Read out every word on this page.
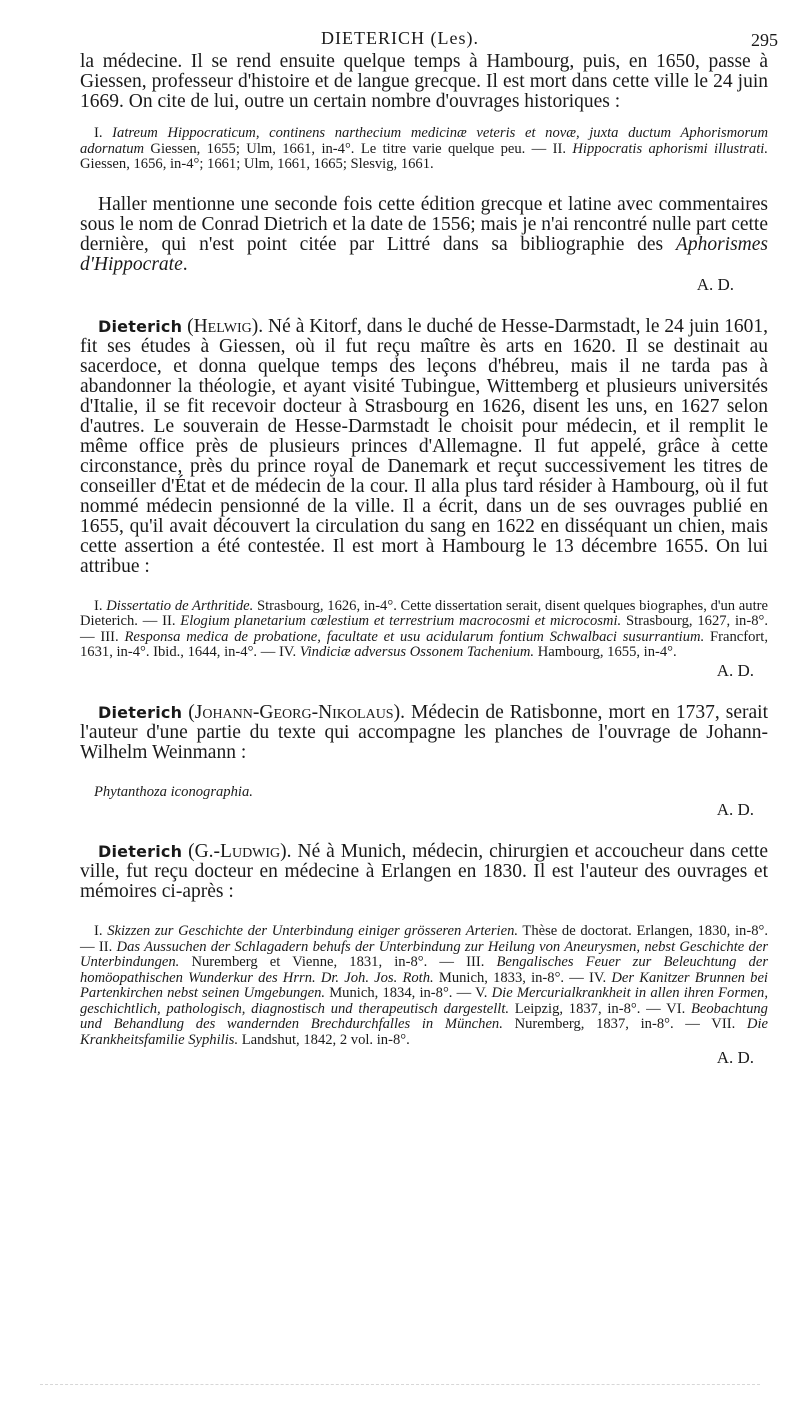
DIETERICH (Les).	295

la médecine. Il se rend ensuite quelque temps à Hambourg, puis, en 1650, passe à Giessen, professeur d'histoire et de langue grecque. Il est mort dans cette ville le 24 juin 1669. On cite de lui, outre un certain nombre d'ouvrages historiques :

I. Iatreum Hippocraticum, continens narthecium medicinæ veteris et novæ, juxta ductum Aphorismorum adornatum Giessen, 1655; Ulm, 1661, in-4°. Le titre varie quelque peu. — II. Hippocratis aphorismi illustrati. Giessen, 1656, in-4°; 1661; Ulm, 1661, 1665; Slesvig, 1661.

Haller mentionne une seconde fois cette édition grecque et latine avec commentaires sous le nom de Conrad Dietrich et la date de 1556; mais je n'ai rencontré nulle part cette dernière, qui n'est point citée par Littré dans sa bibliographie des Aphorismes d'Hippocrate.

A. D.

Dieterich (Helwig). Né à Kitorf, dans le duché de Hesse-Darmstadt, le 24 juin 1601, fit ses études à Giessen, où il fut reçu maître ès arts en 1620. Il se destinait au sacerdoce, et donna quelque temps des leçons d'hébreu, mais il ne tarda pas à abandonner la théologie, et ayant visité Tubingue, Wittemberg et plusieurs universités d'Italie, il se fit recevoir docteur à Strasbourg en 1626, disent les uns, en 1627 selon d'autres. Le souverain de Hesse-Darmstadt le choisit pour médecin, et il remplit le même office près de plusieurs princes d'Allemagne. Il fut appelé, grâce à cette circonstance, près du prince royal de Danemark et reçut successivement les titres de conseiller d'État et de médecin de la cour. Il alla plus tard résider à Hambourg, où il fut nommé médecin pensionné de la ville. Il a écrit, dans un de ses ouvrages publié en 1655, qu'il avait découvert la circulation du sang en 1622 en disséquant un chien, mais cette assertion a été contestée. Il est mort à Hambourg le 13 décembre 1655. On lui attribue :

I. Dissertatio de Arthritide. Strasbourg, 1626, in-4°. Cette dissertation serait, disent quelques biographes, d'un autre Dieterich. — II. Elogium planetarium cœlestium et terrestrium macrocosmi et microcosmi. Strasbourg, 1627, in-8°. — III. Responsa medica de probatione, facultate et usu acidularum fontium Schwalbaci susurrantium. Francfort, 1631, in-4°. Ibid., 1644, in-4°. — IV. Vindiciæ adversus Ossonem Tachenium. Hambourg, 1655, in-4°.

A. D.

Dieterich (Johann-Georg-Nikolaus). Médecin de Ratisbonne, mort en 1737, serait l'auteur d'une partie du texte qui accompagne les planches de l'ouvrage de Johann-Wilhelm Weinmann :

Phytanthoza iconographia.

A. D.

Dieterich (G.-Ludwig). Né à Munich, médecin, chirurgien et accoucheur dans cette ville, fut reçu docteur en médecine à Erlangen en 1830. Il est l'auteur des ouvrages et mémoires ci-après :

I. Skizzen zur Geschichte der Unterbindung einiger grösseren Arterien. Thèse de doctorat. Erlangen, 1830, in-8°. — II. Das Aussuchen der Schlagadern behufs der Unterbindung zur Heilung von Aneurysmen, nebst Geschichte der Unterbindungen. Nuremberg et Vienne, 1831, in-8°. — III. Bengalisches Feuer zur Beleuchtung der homöopathischen Wunderkur des Hrrn. Dr. Joh. Jos. Roth. Munich, 1833, in-8°. — IV. Der Kanitzer Brunnen bei Partenkirchen nebst seinen Umgebungen. Munich, 1834, in-8°. — V. Die Mercurialkrankheit in allen ihren Formen, geschichtlich, pathologisch, diagnostisch und therapeutisch dargestellt. Leipzig, 1837, in-8°. — VI. Beobachtung und Behandlung des wandernden Brechdurchfalles in München. Nuremberg, 1837, in-8°. — VII. Die Krankheitsfamilie Syphilis. Landshut, 1842, 2 vol. in-8°.

A. D.
